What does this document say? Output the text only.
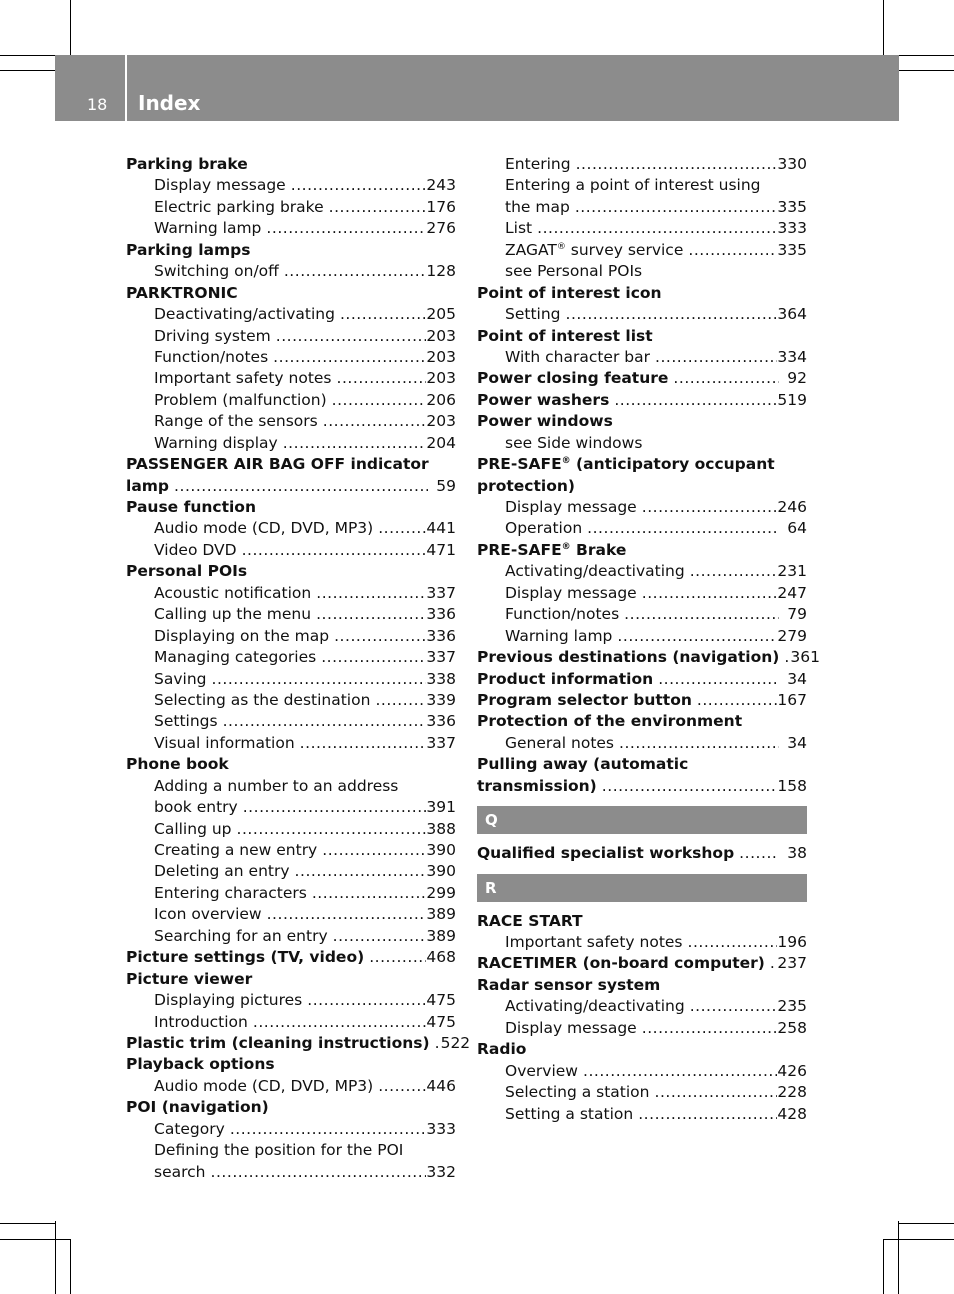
18 Index
Parking brake
Display message . . .	243
Electric parking brake . . .	176
Warning lamp . . .	276
Parking lamps
Switching on/off . . .	128
PARKTRONIC
Deactivating/activating . . .	205
Driving system . . .	203
Function/notes . . .	203
Important safety notes . . .	203
Problem (malfunction) . . .	206
Range of the sensors . . .	203
Warning display . . .	204
PASSENGER AIR BAG OFF indicator
lamp . . .	59
Pause function
Audio mode (CD, DVD, MP3) . . .	441
Video DVD . . .	471
Personal POIs
Acoustic notification . . .	337
Calling up the menu . . .	336
Displaying on the map . . .	336
Managing categories . . .	337
Saving . . .	338
Selecting as the destination . . .	339
Settings . . .	336
Visual information . . .	337
Phone book
Adding a number to an address
book entry . . .	391
Calling up . . .	388
Creating a new entry . . .	390
Deleting an entry . . .	390
Entering characters . . .	299
Icon overview . . .	389
Searching for an entry . . .	389
Picture settings (TV, video) . . .	468
Picture viewer
Displaying pictures . . .	475
Introduction . . .	475
Plastic trim (cleaning instructions) . . . 522
Playback options
Audio mode (CD, DVD, MP3) . . .	446
POI (navigation)
Category . . .	333
Defining the position for the POI
search . . .	332
Entering . . .	330
Entering a point of interest using
the map . . .	335
List . . .	333
ZAGAT® survey service . . .	335
see Personal POIs
Point of interest icon
Setting . . .	364
Point of interest list
With character bar . . .	334
Power closing feature . . .	92
Power washers . . .	519
Power windows
see Side windows
PRE-SAFE® (anticipatory occupant
protection)
Display message . . .	246
Operation . . .	64
PRE-SAFE® Brake
Activating/deactivating . . .	231
Display message . . .	247
Function/notes . . .	79
Warning lamp . . .	279
Previous destinations (navigation) . . . 361
Product information . . .	34
Program selector button . . .	167
Protection of the environment
General notes . . .	34
Pulling away (automatic
transmission) . . .	158
Q
Qualified specialist workshop . . .	38
R
RACE START
Important safety notes . . .	196
RACETIMER (on-board computer) . . . 237
Radar sensor system
Activating/deactivating . . .	235
Display message . . .	258
Radio
Overview . . .	426
Selecting a station . . .	228
Setting a station . . .	428
